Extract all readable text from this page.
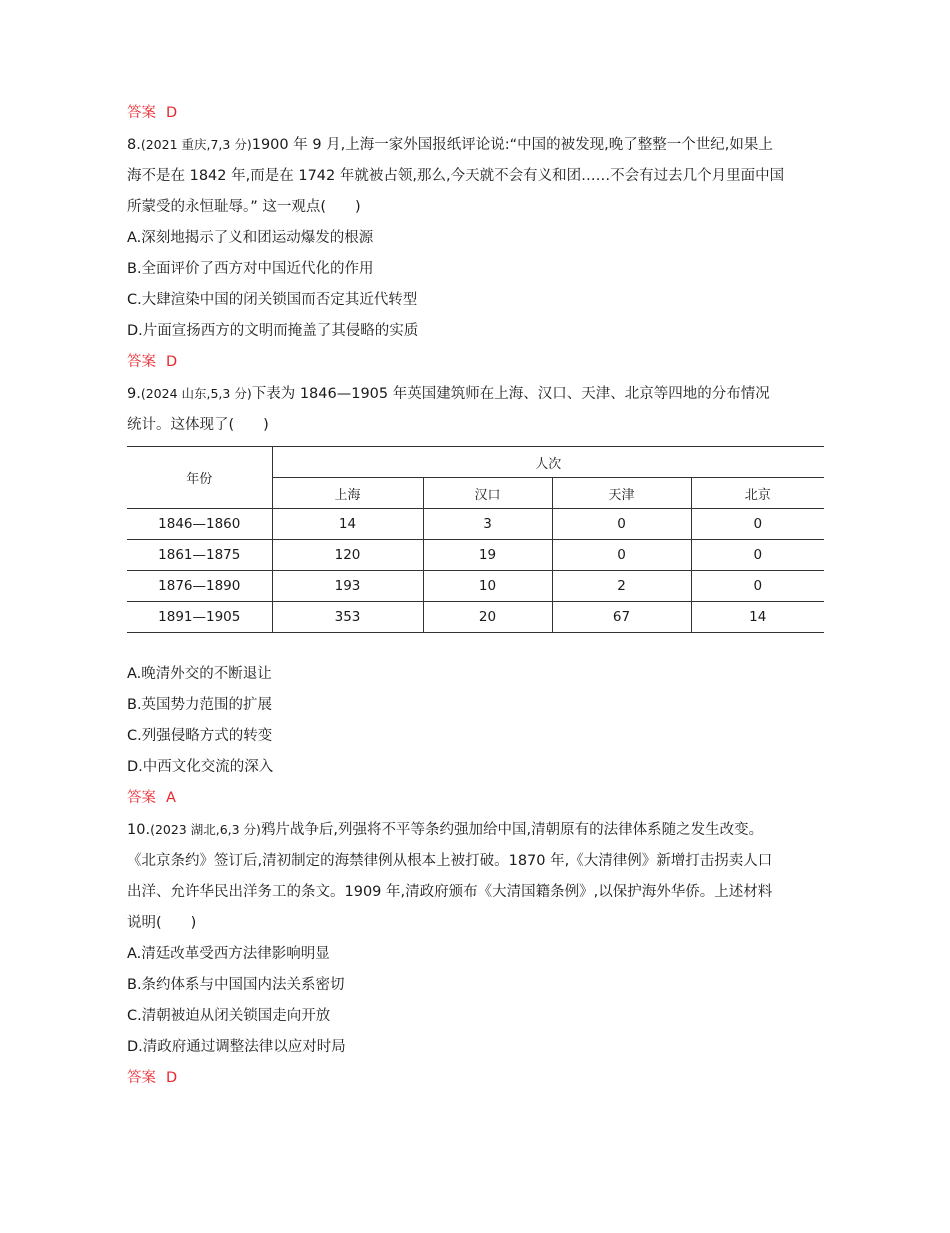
答案 D

8.(2021 重庆,7,3 分)1900 年 9 月,上海一家外国报纸评论说:“中国的被发现,晚了整整一个世纪,如果上

海不是在 1842 年,而是在 1742 年就被占领,那么,今天就不会有义和团……不会有过去几个月里面中国

所蒙受的永恒耻辱。” 这一观点(　　)

A.深刻地揭示了义和团运动爆发的根源

B.全面评价了西方对中国近代化的作用

C.大肆渲染中国的闭关锁国而否定其近代转型

D.片面宣扬西方的文明而掩盖了其侵略的实质

答案 D

9.(2024 山东,5,3 分)下表为 1846—1905 年英国建筑师在上海、汉口、天津、北京等四地的分布情况

统计。这体现了(　　)

年份	人次			
	上海	汉口	天津	北京
1846—1860	14	3	0	0
1861—1875	120	19	0	0
1876—1890	193	10	2	0
1891—1905	353	20	67	14

A.晚清外交的不断退让

B.英国势力范围的扩展

C.列强侵略方式的转变

D.中西文化交流的深入

答案 A

10.(2023 湖北,6,3 分)鸦片战争后,列强将不平等条约强加给中国,清朝原有的法律体系随之发生改变。

《北京条约》签订后,清初制定的海禁律例从根本上被打破。1870 年,《大清律例》新增打击拐卖人口

出洋、允许华民出洋务工的条文。1909 年,清政府颁布《大清国籍条例》,以保护海外华侨。上述材料

说明(　　)

A.清廷改革受西方法律影响明显

B.条约体系与中国国内法关系密切

C.清朝被迫从闭关锁国走向开放

D.清政府通过调整法律以应对时局

答案 D
